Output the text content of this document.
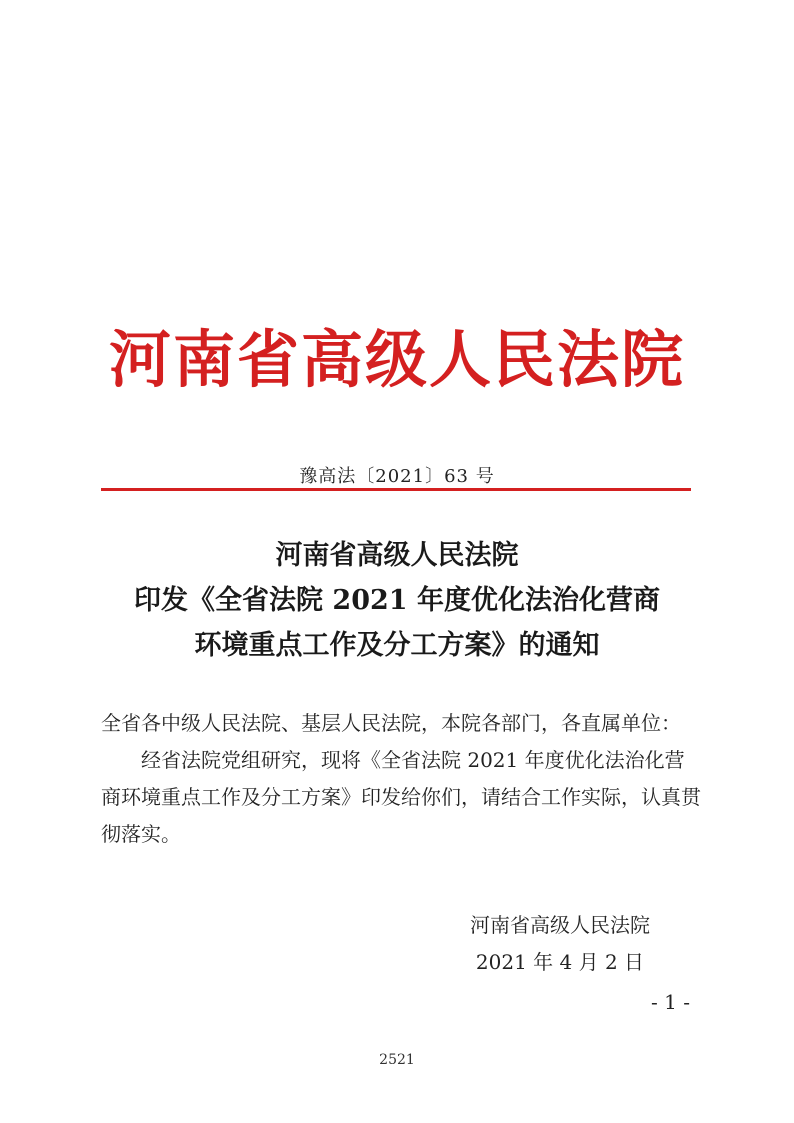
河南省高级人民法院
豫高法〔2021〕63 号
河南省高级人民法院
印发《全省法院 2021 年度优化法治化营商
环境重点工作及分工方案》的通知

全省各中级人民法院、基层人民法院，本院各部门，各直属单位：

经省法院党组研究，现将《全省法院 2021 年度优化法治化营商环境重点工作及分工方案》印发给你们，请结合工作实际，认真贯彻落实。

河南省高级人民法院
2021 年 4 月 2 日
- 1 -
2521
